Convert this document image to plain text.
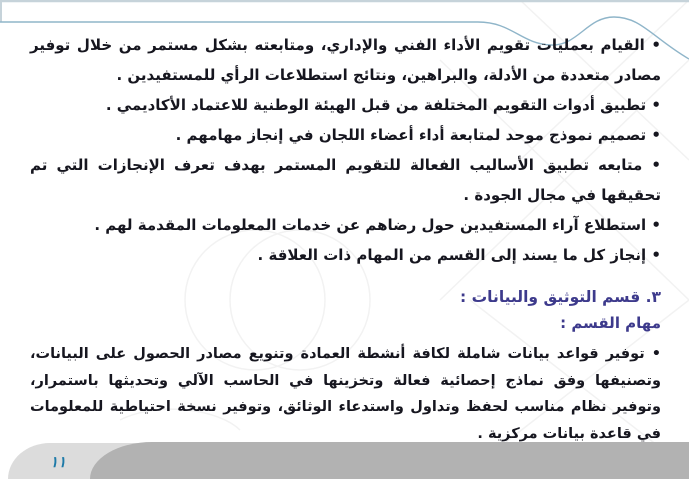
• القيام بعمليات تقويم الأداء الفني والإداري، ومتابعته بشكل مستمر من خلال توفير مصادر متعددة من الأدلة، والبراهين، ونتائج استطلاعات الرأي للمستفيدين .
• تطبيق أدوات التقويم المختلفة من قبل الهيئة الوطنية للاعتماد الأكاديمي .
• تصميم نموذج موحد لمتابعة أداء أعضاء اللجان في إنجاز مهامهم .
• متابعه تطبيق الأساليب الفعالة للتقويم المستمر بهدف تعرف الإنجازات التي تم تحقيقها في مجال الجودة .
• استطلاع آراء المستفيدين حول رضاهم عن خدمات المعلومات المقدمة لهم .
• إنجاز كل ما يسند إلى القسم من المهام ذات العلاقة .
٣. قسم التوثيق والبيانات :
مهام القسم :
• توفير قواعد بيانات شاملة لكافة أنشطة العمادة وتنويع مصادر الحصول على البيانات، وتصنيفها وفق نماذج إحصائية فعالة وتخزينها في الحاسب الآلي وتحديثها باستمرار، وتوفير نظام مناسب لحفظ وتداول واستدعاء الوثائق، وتوفير نسخة احتياطية للمعلومات في قاعدة بيانات مركزية .
١١
